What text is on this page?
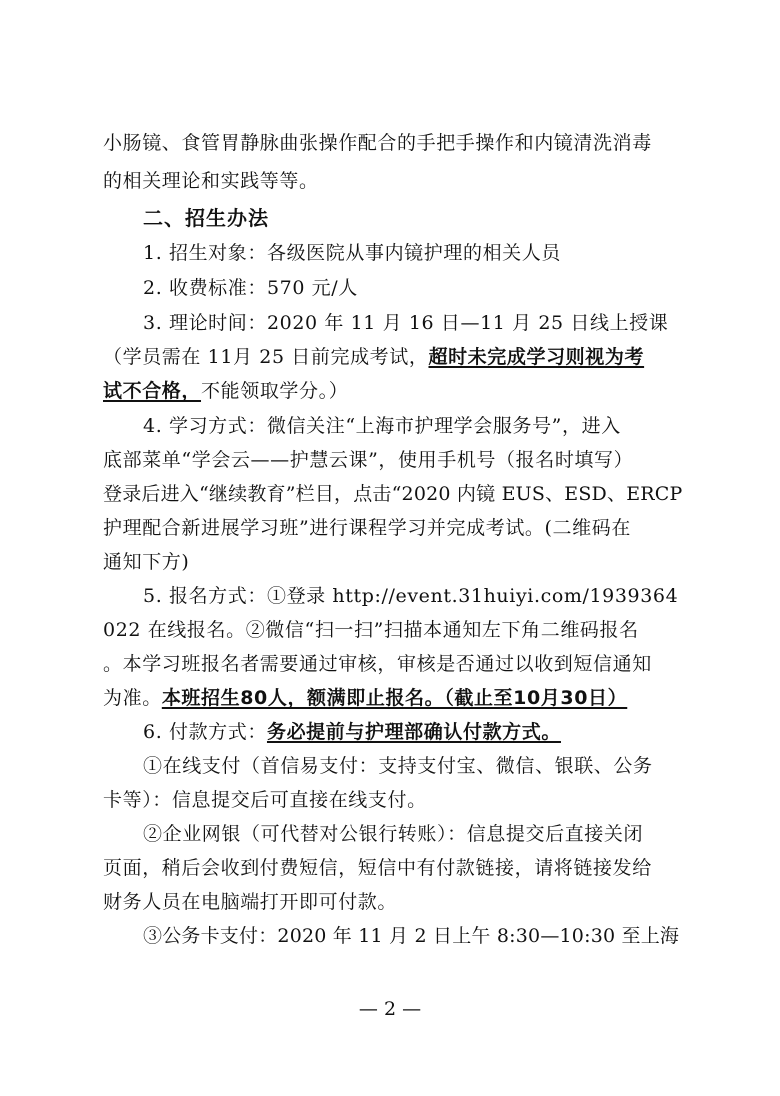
小肠镜、食管胃静脉曲张操作配合的手把手操作和内镜清洗消毒
的相关理论和实践等等。
二、招生办法
1. 招生对象：各级医院从事内镜护理的相关人员
2. 收费标准：570 元/人
3. 理论时间：2020 年 11 月 16 日—11 月 25 日线上授课
（学员需在 11月 25 日前完成考试，超时未完成学习则视为考
试不合格，不能领取学分。）
4. 学习方式：微信关注“上海市护理学会服务号”，进入
底部菜单“学会云——护慧云课”，使用手机号（报名时填写）
登录后进入“继续教育”栏目，点击“2020 内镜 EUS、ESD、ERCP
护理配合新进展学习班”进行课程学习并完成考试。(二维码在
通知下方)
5. 报名方式：①登录 http://event.31huiyi.com/1939364
022 在线报名。②微信“扫一扫”扫描本通知左下角二维码报名
。本学习班报名者需要通过审核，审核是否通过以收到短信通知
为准。本班招生80人，额满即止报名。（截止至10月30日）
6. 付款方式：务必提前与护理部确认付款方式。
①在线支付（首信易支付：支持支付宝、微信、银联、公务
卡等）：信息提交后可直接在线支付。
②企业网银（可代替对公银行转账）：信息提交后直接关闭
页面，稍后会收到付费短信，短信中有付款链接，请将链接发给
财务人员在电脑端打开即可付款。
③公务卡支付：2020 年 11 月 2 日上午 8:30—10:30 至上海
— 2 —
